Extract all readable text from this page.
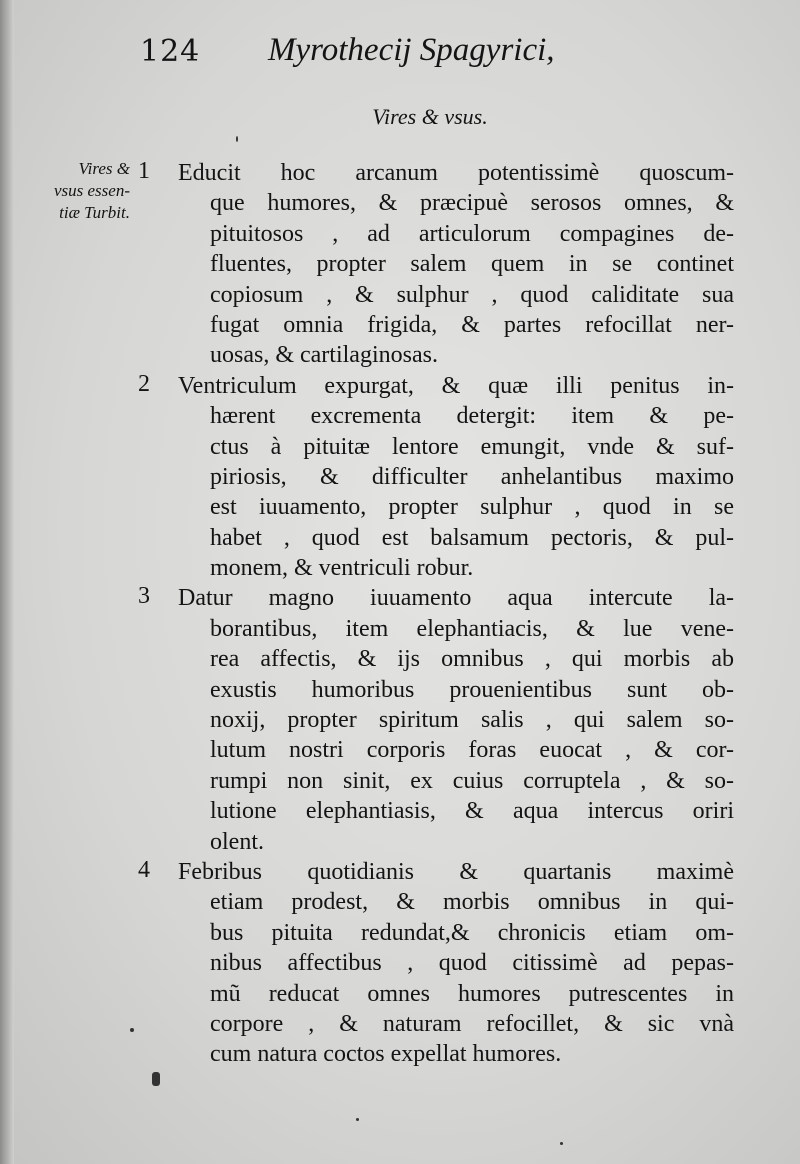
124 Myrothecij Spagyrici,
Vires & vsus.
Vires &
vsus essen-
tiæ Turbit.
1	Educit hoc arcanum potentissimè quoscum-
que humores, & præcipuè serosos omnes, &
pituitosos , ad articulorum compagines de-
fluentes, propter salem quem in se continet
copiosum , & sulphur , quod caliditate sua
fugat omnia frigida, & partes refocillat ner-
uosas, & cartilaginosas.
2	Ventriculum expurgat, & quæ illi penitus in-
hærent excrementa detergit: item & pe-
ctus à pituitæ lentore emungit, vnde & suf-
piriosis, & difficulter anhelantibus maximo
est iuuamento, propter sulphur , quod in se
habet , quod est balsamum pectoris, & pul-
monem, & ventriculi robur.
3	Datur magno iuuamento aqua intercute la-
borantibus, item elephantiacis, & lue vene-
rea affectis, & ijs omnibus , qui morbis ab
exustis humoribus prouenientibus sunt ob-
noxij, propter spiritum salis , qui salem so-
lutum nostri corporis foras euocat , & cor-
rumpi non sinit, ex cuius corruptela , & so-
lutione elephantiasis, & aqua intercus oriri
olent.
4	Febribus quotidianis & quartanis maximè
etiam prodest, & morbis omnibus in qui-
bus pituita redundat,& chronicis etiam om-
nibus affectibus , quod citissimè ad pepas-
mũ reducat omnes humores putrescentes in
corpore , & naturam refocillet, & sic vnà
cum natura coctos expellat humores.
